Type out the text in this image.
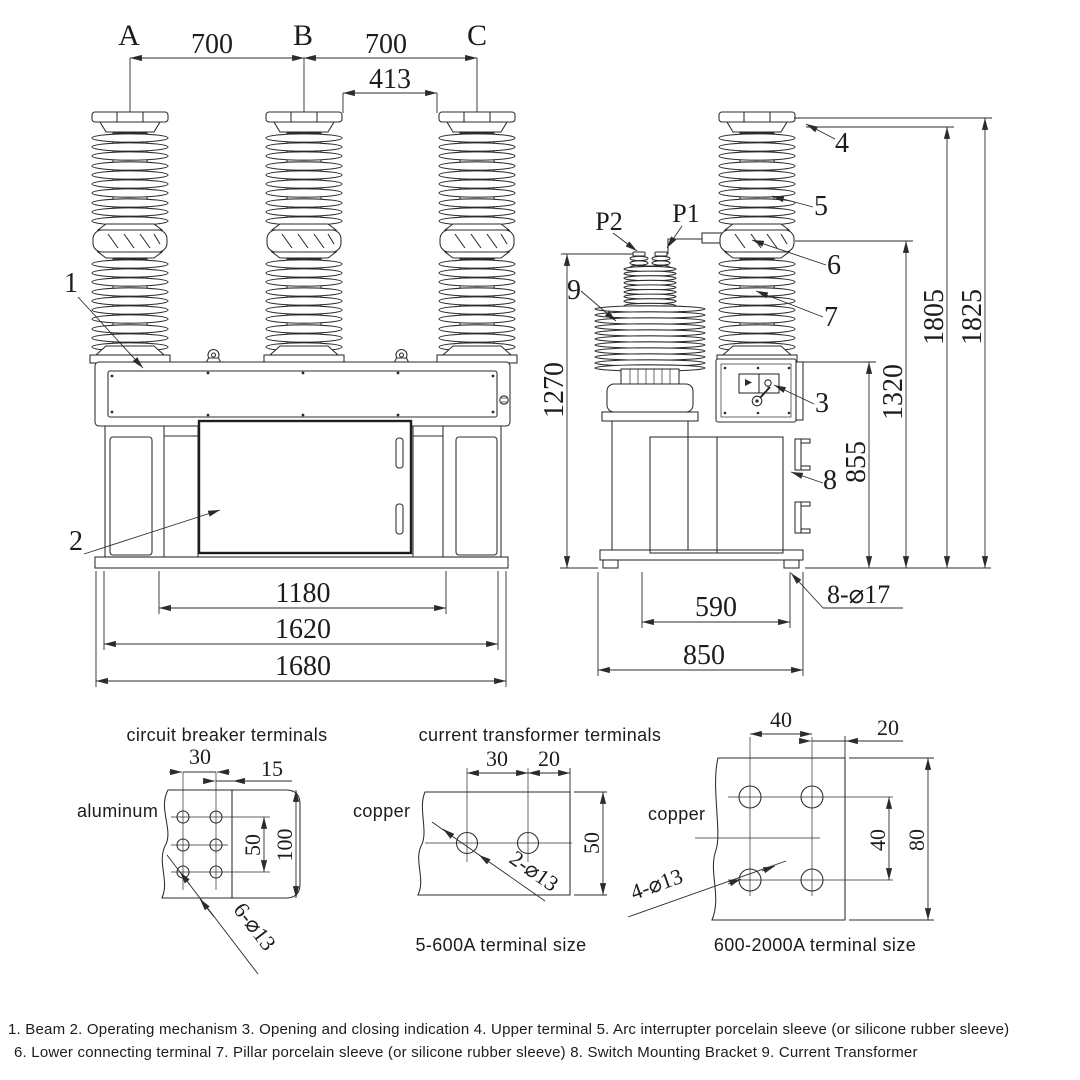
A	B	C
700	700
413
1
2
1180
1620
1680
P2 P1
9
4
5
6
7
3
8
1270
855
1320
1805 1825
590
850
8-⌀17
circuit breaker terminals
aluminum
30 15
50 100
6-⌀13
current transformer terminals
copper
30 20
50
2-⌀13
5-600A terminal size
copper
40	20
40 80
4-⌀13
600-2000A terminal size
1. Beam 2. Operating mechanism 3. Opening and closing indication 4. Upper terminal 5. Arc interrupter porcelain sleeve (or silicone rubber sleeve)
6. Lower connecting terminal 7. Pillar porcelain sleeve (or silicone rubber sleeve) 8. Switch Mounting Bracket 9. Current Transformer
